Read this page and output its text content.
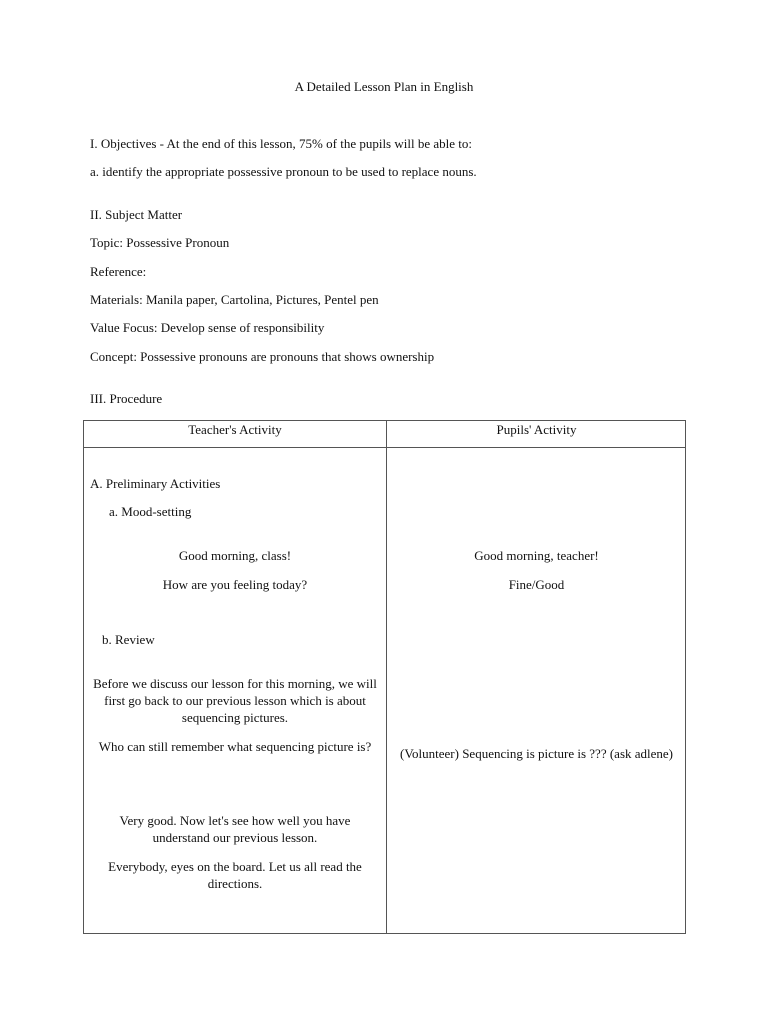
A Detailed Lesson Plan in English

I. Objectives - At the end of this lesson, 75% of the pupils will be able to:

a. identify the appropriate possessive pronoun to be used to replace nouns.

II. Subject Matter

Topic: Possessive Pronoun

Reference:

Materials: Manila paper, Cartolina, Pictures, Pentel pen

Value Focus: Develop sense of responsibility

Concept: Possessive pronouns are pronouns that shows ownership

III. Procedure

Teacher's Activity	Pupils' Activity

A. Preliminary Activities

a. Mood-setting

Good morning, class!	Good morning, teacher!

How are you feeling today?	Fine/Good

b. Review

Before we discuss our lesson for this morning, we will first go back to our previous lesson which is about sequencing pictures.

Who can still remember what sequencing picture is?	(Volunteer) Sequencing is picture is ??? (ask adlene)

Very good. Now let's see how well you have understand our previous lesson.

Everybody, eyes on the board. Let us all read the directions.
